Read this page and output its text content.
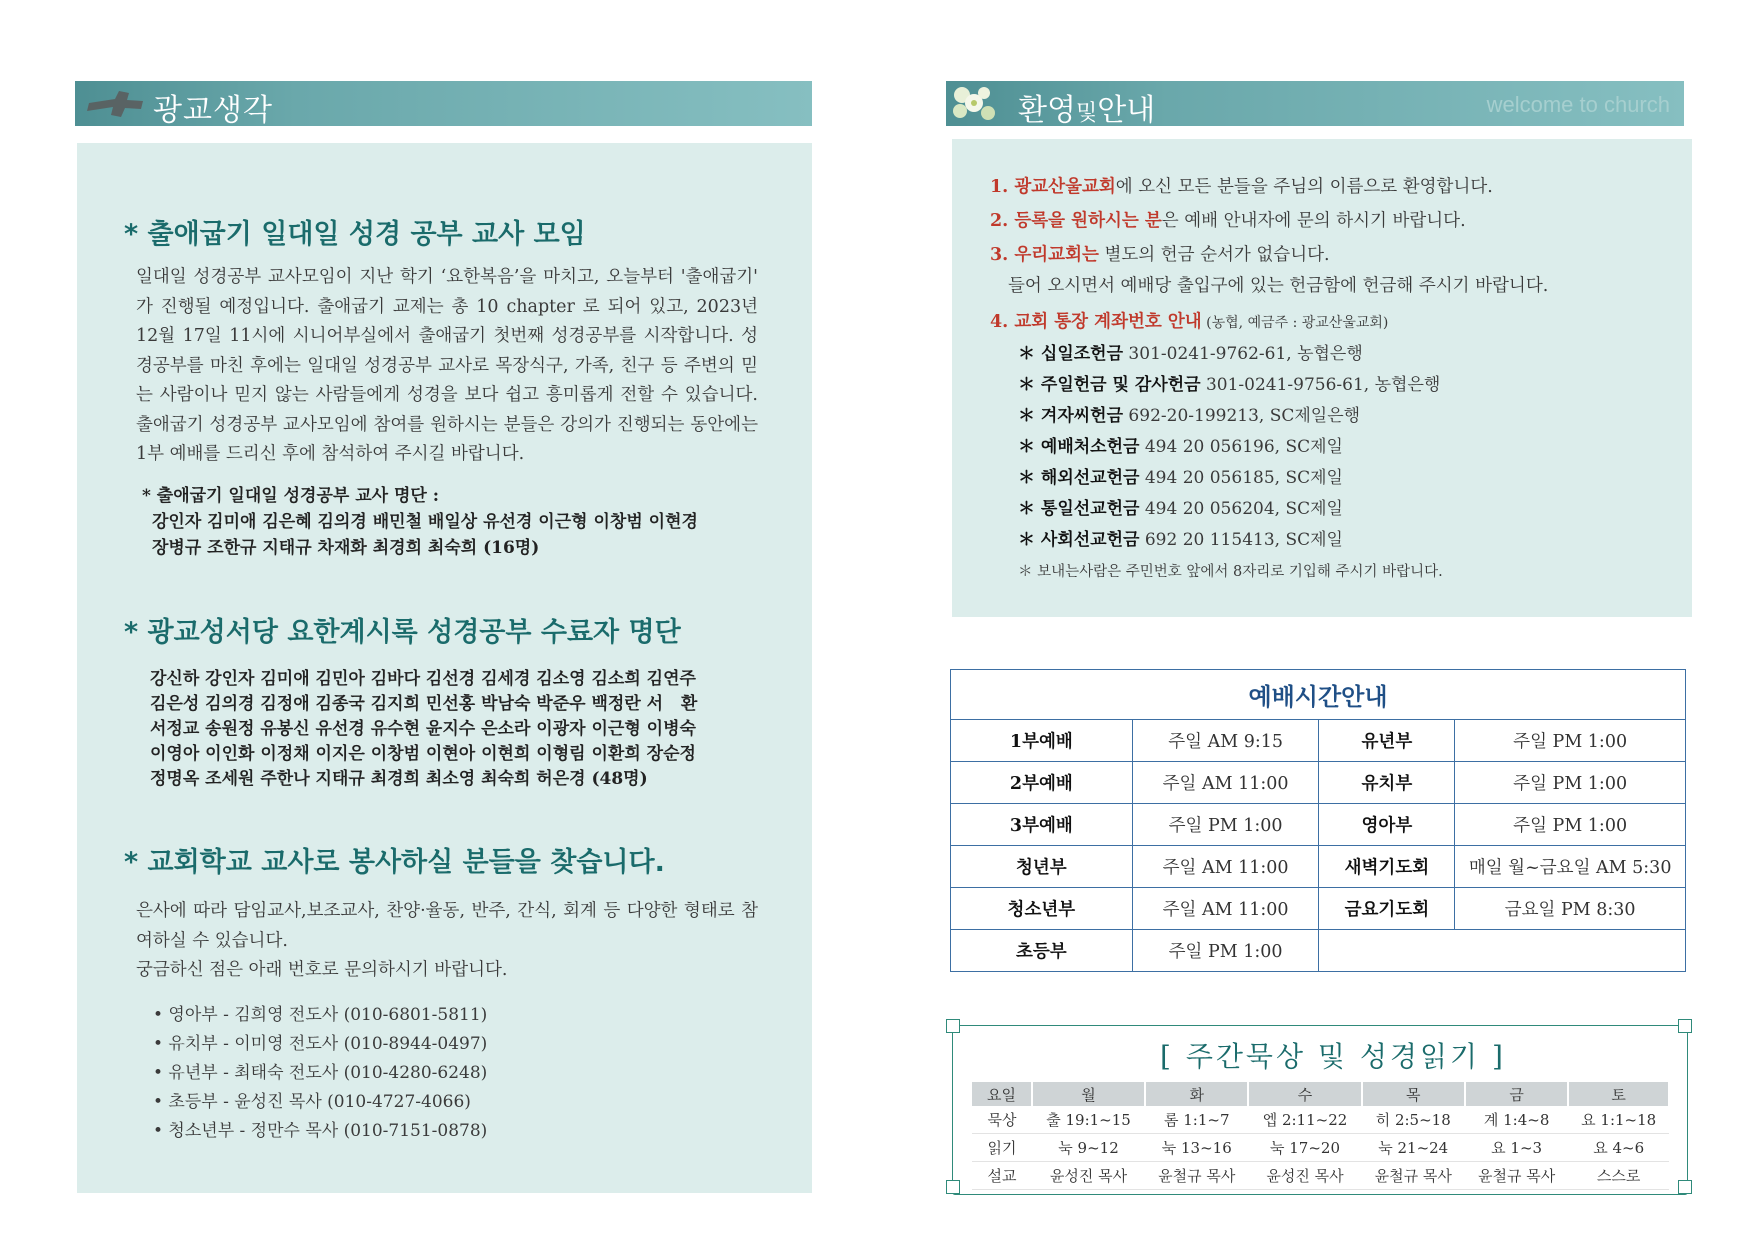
광교생각
* 출애굽기 일대일 성경 공부 교사 모임
일대일 성경공부 교사모임이 지난 학기 ‘요한복음’을 마치고, 오늘부터 '출애굽기' 가 진행될 예정입니다. 출애굽기 교제는 총 10 chapter 로 되어 있고, 2023년 12월 17일 11시에 시니어부실에서 출애굽기 첫번째 성경공부를 시작합니다. 성경공부를 마친 후에는 일대일 성경공부 교사로 목장식구, 가족, 친구 등 주변의 믿는 사람이나 믿지 않는 사람들에게 성경을 보다 쉽고 흥미롭게 전할 수 있습니다. 출애굽기 성경공부 교사모임에 참여를 원하시는 분들은 강의가 진행되는 동안에는 1부 예배를 드리신 후에 참석하여 주시길 바랍니다.
* 출애굽기 일대일 성경공부 교사 명단 :
강인자 김미애 김은혜 김의경 배민철 배일상 유선경 이근형 이창범 이현경
장병규 조한규 지태규 차재화 최경희 최숙희 (16명)
* 광교성서당 요한계시록 성경공부 수료자 명단
강신하 강인자 김미애 김민아 김바다 김선경 김세경 김소영 김소희 김연주
김은성 김의경 김정애 김종국 김지희 민선홍 박남숙 박준우 백정란 서   환
서정교 송원정 유봉신 유선경 유수현 윤지수 은소라 이광자 이근형 이병숙
이영아 이인화 이정채 이지은 이창범 이현아 이현희 이형림 이환희 장순정
정명옥 조세원 주한나 지태규 최경희 최소영 최숙희 허은경 (48명)
* 교회학교 교사로 봉사하실 분들을 찾습니다.
은사에 따라 담임교사,보조교사, 찬양·율동, 반주, 간식, 회계 등 다양한 형태로 참여하실 수 있습니다.
궁금하신 점은 아래 번호로 문의하시기 바랍니다.
• 영아부 - 김희영 전도사 (010-6801-5811)
• 유치부 - 이미영 전도사 (010-8944-0497)
• 유년부 - 최태숙 전도사 (010-4280-6248)
• 초등부 - 윤성진 목사 (010-4727-4066)
• 청소년부 - 정만수 목사 (010-7151-0878)
환영및안내	welcome to church
1. 광교산울교회에 오신 모든 분들을 주님의 이름으로 환영합니다.
2. 등록을 원하시는 분은 예배 안내자에 문의 하시기 바랍니다.
3. 우리교회는 별도의 헌금 순서가 없습니다.
들어 오시면서 예배당 출입구에 있는 헌금함에 헌금해 주시기 바랍니다.
4. 교회 통장 계좌번호 안내 (농협, 예금주 : 광교산울교회)
＊ 십일조헌금 301-0241-9762-61, 농협은행
＊ 주일헌금 및 감사헌금 301-0241-9756-61, 농협은행
＊ 겨자씨헌금 692-20-199213, SC제일은행
＊ 예배처소헌금 494 20 056196, SC제일
＊ 해외선교헌금 494 20 056185, SC제일
＊ 통일선교헌금 494 20 056204, SC제일
＊ 사회선교헌금 692 20 115413, SC제일
＊ 보내는사람은 주민번호 앞에서 8자리로 기입해 주시기 바랍니다.
예배시간안내			
1부예배	주일 AM 9:15	유년부	주일 PM 1:00
2부예배	주일 AM 11:00	유치부	주일 PM 1:00
3부예배	주일 PM 1:00	영아부	주일 PM 1:00
청년부	주일 AM 11:00	새벽기도회	매일 월~금요일 AM 5:30
청소년부	주일 AM 11:00	금요기도회	금요일 PM 8:30
초등부	주일 PM 1:00		
[ 주간묵상 및 성경읽기 ]
요일	월	화	수	목	금	토
묵상	출 19:1~15	롬 1:1~7	엡 2:11~22	히 2:5~18	계 1:4~8	요 1:1~18
읽기	눅 9~12	눅 13~16	눅 17~20	눅 21~24	요 1~3	요 4~6
설교	윤성진 목사	윤철규 목사	윤성진 목사	윤철규 목사	윤철규 목사	스스로
